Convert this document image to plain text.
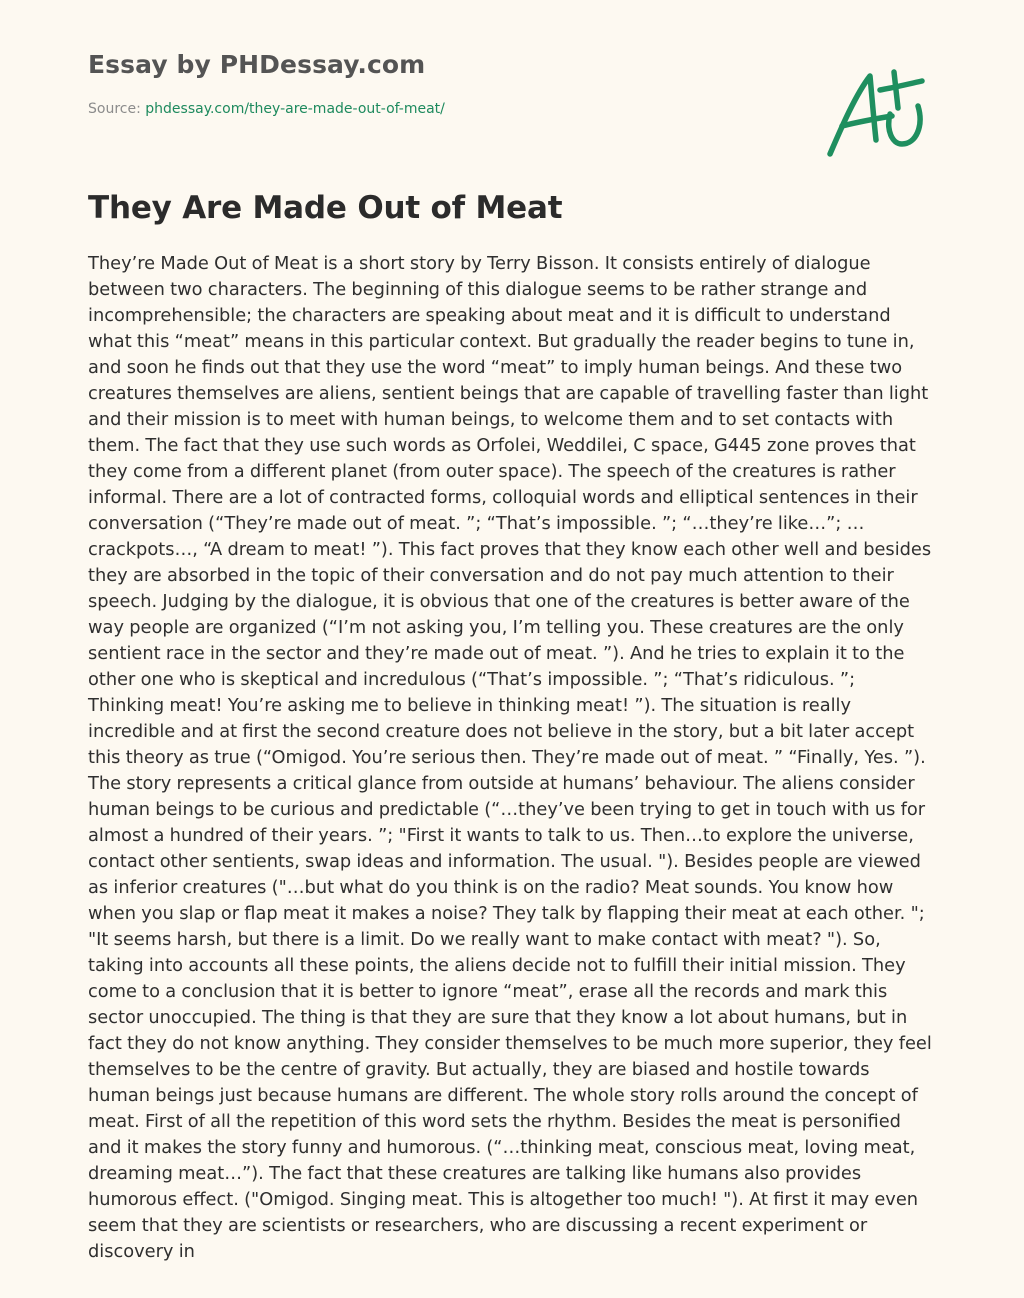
Essay by PHDessay.com

Source: phdessay.com/they-are-made-out-of-meat/

They Are Made Out of Meat

They’re Made Out of Meat is a short story by Terry Bisson. It consists entirely of dialogue between two characters. The beginning of this dialogue seems to be rather strange and incomprehensible; the characters are speaking about meat and it is difficult to understand what this “meat” means in this particular context. But gradually the reader begins to tune in, and soon he finds out that they use the word “meat” to imply human beings. And these two creatures themselves are aliens, sentient beings that are capable of travelling faster than light and their mission is to meet with human beings, to welcome them and to set contacts with them. The fact that they use such words as Orfolei, Weddilei, C space, G445 zone proves that they come from a different planet (from outer space). The speech of the creatures is rather informal. There are a lot of contracted forms, colloquial words and elliptical sentences in their conversation (“They’re made out of meat. ”; “That’s impossible. ”; “…they’re like…”; …crackpots…, “A dream to meat! ”). This fact proves that they know each other well and besides they are absorbed in the topic of their conversation and do not pay much attention to their speech. Judging by the dialogue, it is obvious that one of the creatures is better aware of the way people are organized (“I’m not asking you, I’m telling you. These creatures are the only sentient race in the sector and they’re made out of meat. ”). And he tries to explain it to the other one who is skeptical and incredulous (“That’s impossible. ”; “That’s ridiculous. ”; Thinking meat! You’re asking me to believe in thinking meat! ”). The situation is really incredible and at first the second creature does not believe in the story, but a bit later accept this theory as true (“Omigod. You’re serious then. They’re made out of meat. ” “Finally, Yes. ”). The story represents a critical glance from outside at humans’ behaviour. The aliens consider human beings to be curious and predictable (“…they’ve been trying to get in touch with us for almost a hundred of their years. ”; "First it wants to talk to us. Then…to explore the universe, contact other sentients, swap ideas and information. The usual. "). Besides people are viewed as inferior creatures ("…but what do you think is on the radio? Meat sounds. You know how when you slap or flap meat it makes a noise? They talk by flapping their meat at each other. "; "It seems harsh, but there is a limit. Do we really want to make contact with meat? "). So, taking into accounts all these points, the aliens decide not to fulfill their initial mission. They come to a conclusion that it is better to ignore “meat”, erase all the records and mark this sector unoccupied. The thing is that they are sure that they know a lot about humans, but in fact they do not know anything. They consider themselves to be much more superior, they feel themselves to be the centre of gravity. But actually, they are biased and hostile towards human beings just because humans are different. The whole story rolls around the concept of meat. First of all the repetition of this word sets the rhythm. Besides the meat is personified and it makes the story funny and humorous. (“…thinking meat, conscious meat, loving meat, dreaming meat…”). The fact that these creatures are talking like humans also provides humorous effect. ("Omigod. Singing meat. This is altogether too much! "). At first it may even seem that they are scientists or researchers, who are discussing a recent experiment or discovery in
